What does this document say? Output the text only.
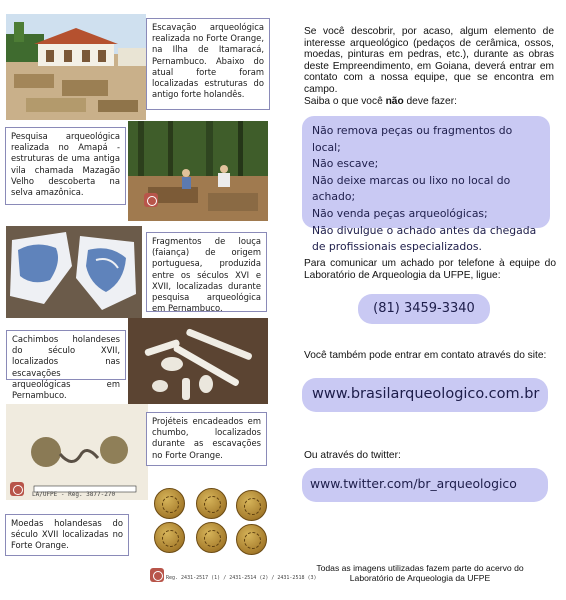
Escavação arqueológica realizada no Forte Orange, na Ilha de Itamaracá, Pernambuco. Abaixo do atual forte foram localizadas estruturas do antigo forte holandês.
Pesquisa arqueológica realizada no Amapá - estruturas de uma antiga vila chamada Mazagão Velho descoberta na selva amazônica.
Fragmentos de louça (faiança) de origem portuguesa, produzida entre os séculos XVI e XVII, localizadas durante pesquisa arqueológica em Pernambuco.
Cachimbos holandeses do século XVII, localizados nas escavações arqueológicas em Pernambuco.
LA/UFPE - Reg. 3877-270
Projéteis encadeados em chumbo, localizados durante as escavações no Forte Orange.
Moedas holandesas do século XVII localizadas no Forte Orange.
Reg. 2431-2517 (1) / 2431-2514 (2) / 2431-2518 (3)
Se você descobrir, por acaso, algum elemento de interesse arqueológico (pedaços de cerâmica, ossos, moedas, pinturas em pedras, etc.), durante as obras deste Empreendimento, em Goiana, deverá entrar em contato com a nossa equipe, que se encontra em campo.
Saiba o que você não deve fazer:
Não remova peças ou fragmentos do local;
Não escave;
Não deixe marcas ou lixo no local do achado;
Não venda peças arqueológicas;
Não divulgue o achado antes da chegada de profissionais especializados.
Para comunicar um achado por telefone à equipe do Laboratório de Arqueologia da UFPE, ligue:
(81) 3459-3340
Você também pode entrar em contato através do site:
www.brasilarqueologico.com.br
Ou através do twitter:
www.twitter.com/br_arqueologico
Todas as imagens utilizadas fazem parte do acervo do Laboratório de Arqueologia da UFPE
